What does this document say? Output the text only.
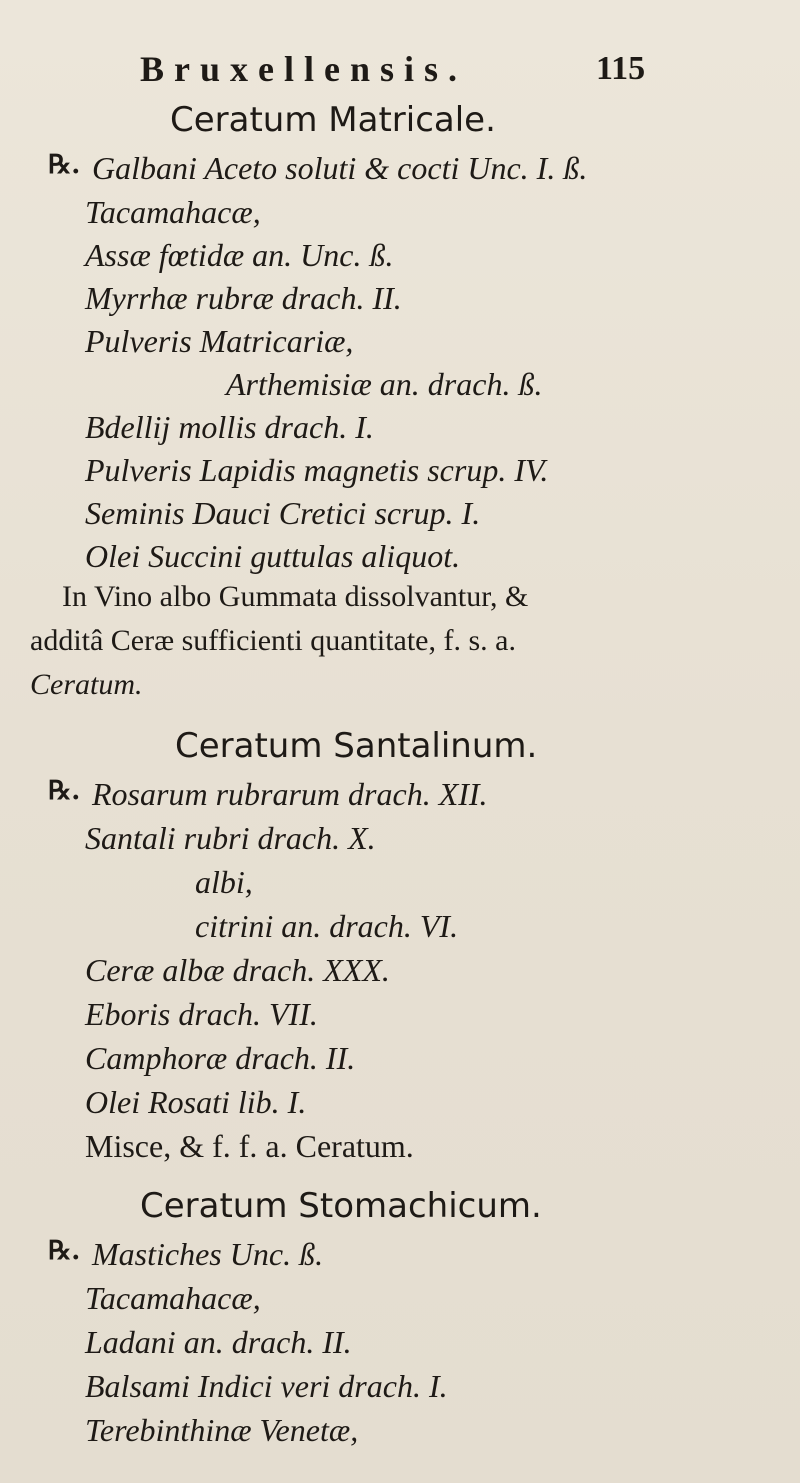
Bruxellensis.	115
Ceratum Matricale.
℞. Galbani Aceto soluti & cocti Unc. I. ß.
Tacamahacæ,
Assæ fœtidæ an. Unc. ß.
Myrrhæ rubræ drach. II.
Pulveris Matricariæ,
Arthemisiæ an. drach. ß.
Bdellij mollis drach. I.
Pulveris Lapidis magnetis scrup. IV.
Seminis Dauci Cretici scrup. I.
Olei Succini guttulas aliquot.
In Vino albo Gummata dissolvantur, &
additâ Ceræ sufficienti quantitate, f. s. a.
Ceratum.
Ceratum Santalinum.
℞. Rosarum rubrarum drach. XII.
Santali rubri drach. X.
albi,
citrini an. drach. VI.
Ceræ albæ drach. XXX.
Eboris drach. VII.
Camphoræ drach. II.
Olei Rosati lib. I.
Misce, & f. f. a. Ceratum.
Ceratum Stomachicum.
℞. Mastiches Unc. ß.
Tacamahacæ,
Ladani an. drach. II.
Balsami Indici veri drach. I.
Terebinthinæ Venetæ,
